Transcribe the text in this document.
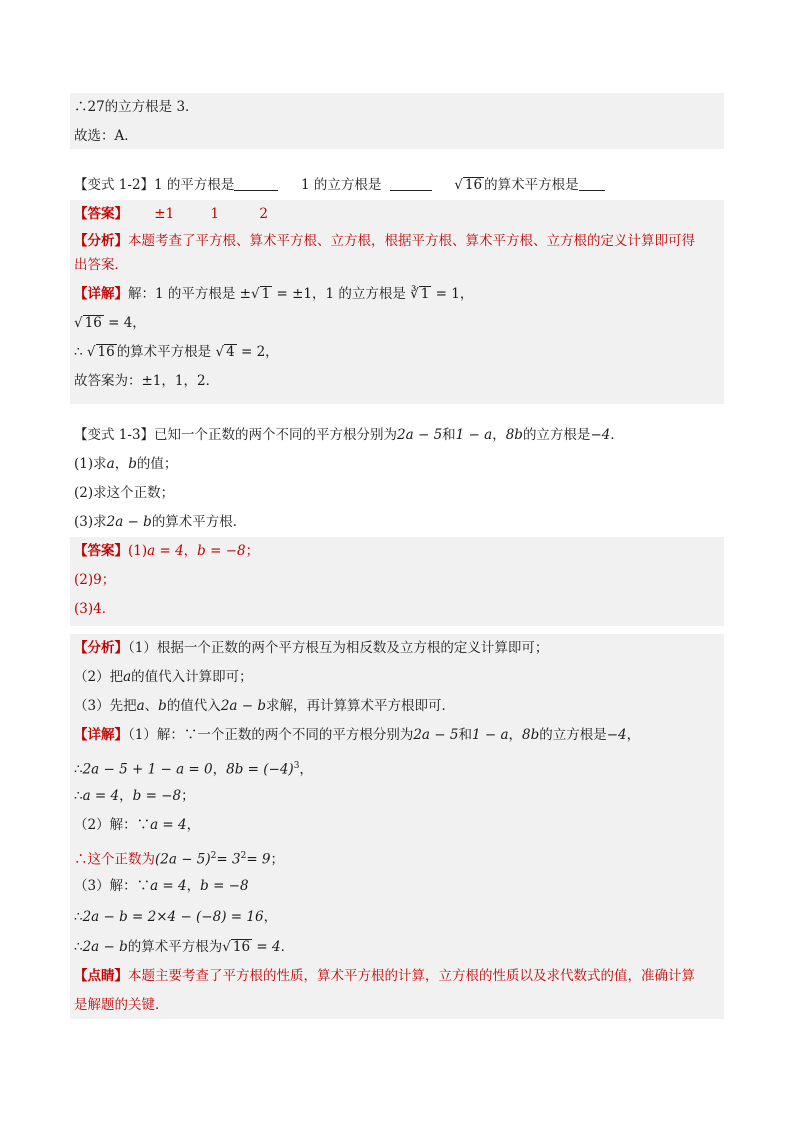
∴27的立方根是 3．
故选：A．
【变式 1-2】1 的平方根是	1 的立方根是	√ 16 的算术平方根是
【答案】 ±1	1	2
【分析】本题考查了平方根、算术平方根、立方根，根据平方根、算术平方根、立方根的定义计算即可得
出答案．
【详解】解：1 的平方根是 ±√ 1 = ±1，1 的立方根是 ∛ 1 = 1，
√ 16 = 4，
∴ √ 16 的算术平方根是 √ 4 = 2，
故答案为：±1，1，2．
【变式 1-3】已知一个正数的两个不同的平方根分别为2a − 5和1 − a，8b的立方根是−4．
(1)求a，b的值；
(2)求这个正数；
(3)求2a − b的算术平方根．
【答案】(1)a = 4，b = −8；
(2)9；
(3)4．
【分析】（1）根据一个正数的两个平方根互为相反数及立方根的定义计算即可；
（2）把a的值代入计算即可；
（3）先把a、b的值代入2a − b求解，再计算算术平方根即可．
【详解】（1）解：∵一个正数的两个不同的平方根分别为2a − 5和1 − a，8b的立方根是−4，
∴2a − 5 + 1 − a = 0，$8b = (-4)^3$，
∴a = 4，b = −8；
（2）解：∵a = 4，
∴这个正数为$(2a - 5)^2= 3^2= 9$；
（3）解：∵a = 4，b = −8
∴2a − b = 2×4 − (−8) = 16，
∴2a − b的算术平方根为√ 16 = 4．
【点睛】本题主要考查了平方根的性质，算术平方根的计算，立方根的性质以及求代数式的值，准确计算
是解题的关键．
